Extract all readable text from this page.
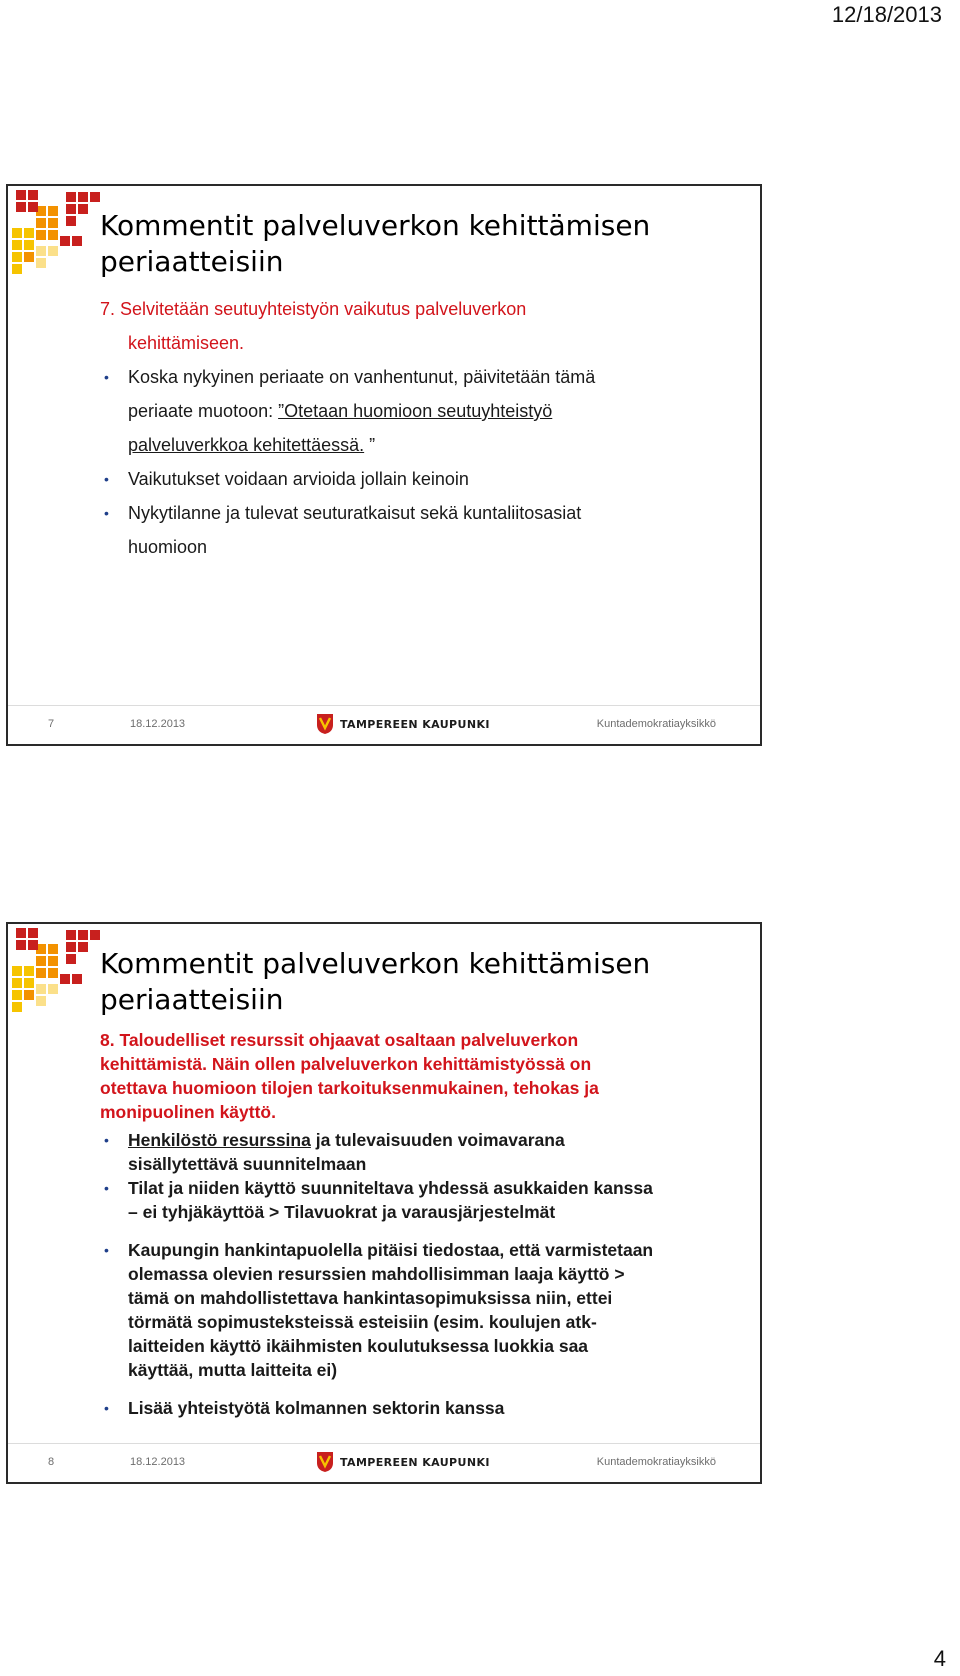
12/18/2013
Kommentit palveluverkon kehittämisen
periaatteisiin
7. Selvitetään seutuyhteistyön vaikutus palveluverkon
kehittämiseen.
• Koska nykyinen periaate on vanhentunut, päivitetään tämä
periaate muotoon: ”Otetaan huomioon seutuyhteistyö
palveluverkkoa kehitettäessä. ”
• Vaikutukset voidaan arvioida jollain keinoin
• Nykytilanne ja tulevat seuturatkaisut sekä kuntaliitosasiat
huomioon
7	18.12.2013	TAMPEREEN KAUPUNKI	Kuntademokratiayksikkö
Kommentit palveluverkon kehittämisen
periaatteisiin
8. Taloudelliset resurssit ohjaavat osaltaan palveluverkon
kehittämistä. Näin ollen palveluverkon kehittämistyössä on
otettava huomioon tilojen tarkoituksenmukainen, tehokas ja
monipuolinen käyttö.
• Henkilöstö resurssina ja tulevaisuuden voimavarana
sisällytettävä suunnitelmaan
• Tilat ja niiden käyttö suunniteltava yhdessä asukkaiden kanssa
– ei tyhjäkäyttöä > Tilavuokrat ja varausjärjestelmät
• Kaupungin hankintapuolella pitäisi tiedostaa, että varmistetaan
olemassa olevien resurssien mahdollisimman laaja käyttö >
tämä on mahdollistettava hankintasopimuksissa niin, ettei
törmätä sopimusteksteissä esteisiin (esim. koulujen atk-
laitteiden käyttö ikäihmisten koulutuksessa luokkia saa
käyttää, mutta laitteita ei)
• Lisää yhteistyötä kolmannen sektorin kanssa
8	18.12.2013	TAMPEREEN KAUPUNKI	Kuntademokratiayksikkö
4
